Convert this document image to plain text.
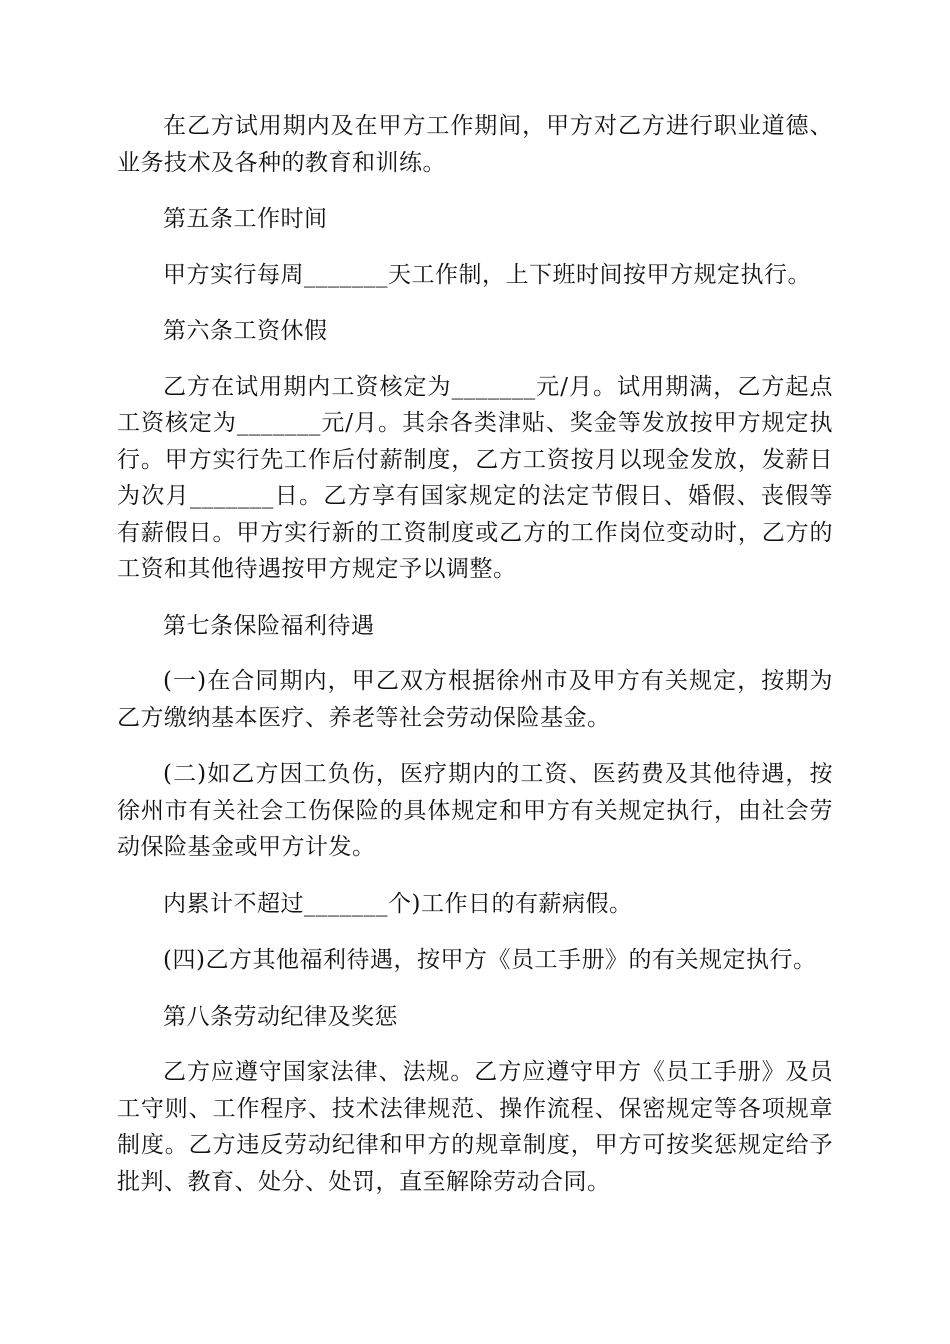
在乙方试用期内及在甲方工作期间，甲方对乙方进行职业道德、业务技术及各种的教育和训练。

第五条工作时间

甲方实行每周_______天工作制，上下班时间按甲方规定执行。

第六条工资休假

乙方在试用期内工资核定为_______元/月。试用期满，乙方起点工资核定为_______元/月。其余各类津贴、奖金等发放按甲方规定执行。甲方实行先工作后付薪制度，乙方工资按月以现金发放，发薪日为次月_______日。乙方享有国家规定的法定节假日、婚假、丧假等有薪假日。甲方实行新的工资制度或乙方的工作岗位变动时，乙方的工资和其他待遇按甲方规定予以调整。

第七条保险福利待遇

(一)在合同期内，甲乙双方根据徐州市及甲方有关规定，按期为乙方缴纳基本医疗、养老等社会劳动保险基金。

(二)如乙方因工负伤，医疗期内的工资、医药费及其他待遇，按徐州市有关社会工伤保险的具体规定和甲方有关规定执行，由社会劳动保险基金或甲方计发。

内累计不超过_______个)工作日的有薪病假。

(四)乙方其他福利待遇，按甲方《员工手册》的有关规定执行。

第八条劳动纪律及奖惩

乙方应遵守国家法律、法规。乙方应遵守甲方《员工手册》及员工守则、工作程序、技术法律规范、操作流程、保密规定等各项规章制度。乙方违反劳动纪律和甲方的规章制度，甲方可按奖惩规定给予批判、教育、处分、处罚，直至解除劳动合同。
